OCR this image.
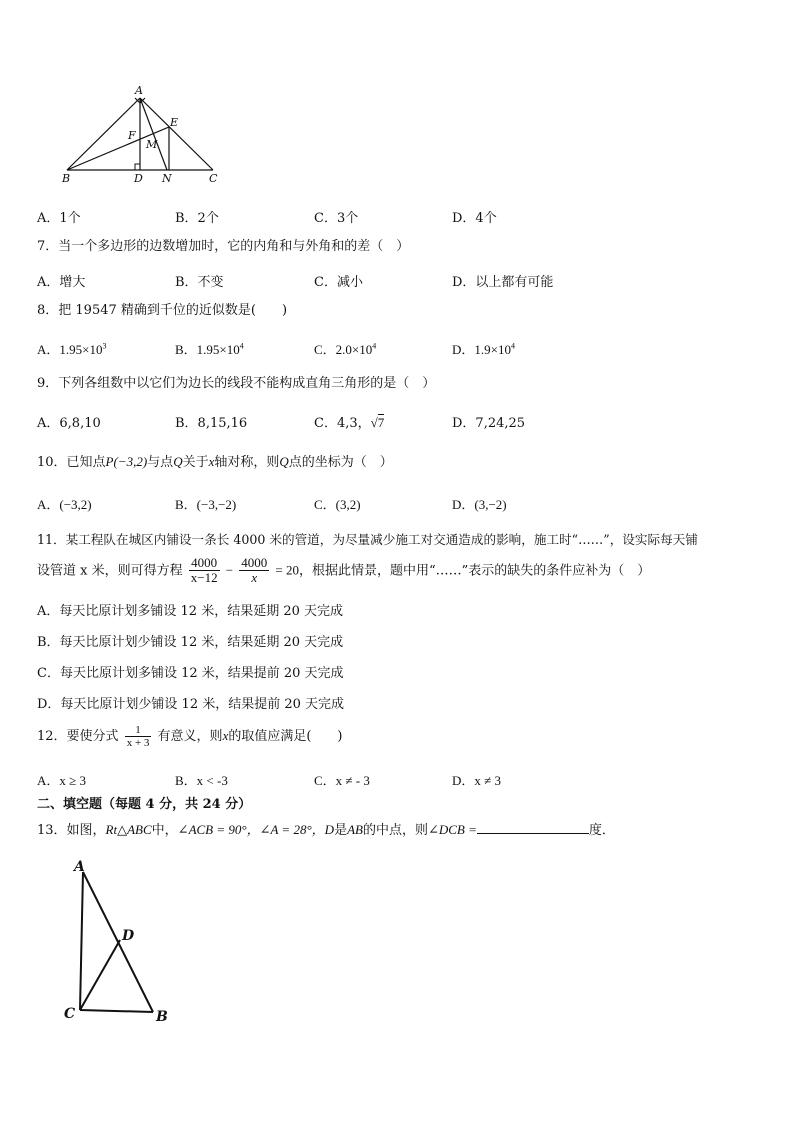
A
E
F
M
B	D N	C
A．1个	B．2个	C．3个	D．4个
7．当一个多边形的边数增加时，它的内角和与外角和的差（　）
A．增大	B．不变	C．减小	D．以上都有可能
8．把 19547 精确到千位的近似数是(　　)
A．$1.95\times 10^3$	B．$1.95\times 10^4$	C．$2.0\times 10^4$	D．$1.9\times 10^4$
9．下列各组数中以它们为边长的线段不能构成直角三角形的是（　）
A．6,8,10	B．8,15,16	C．4,3，√7	D．7,24,25
10．已知点P(−3,2)与点Q关于x轴对称，则Q点的坐标为（　）
A．(−3,2)	B．(−3,−2)	C．(3,2)	D．(3,−2)
11．某工程队在城区内铺设一条长 4000 米的管道，为尽量减少施工对交通造成的影响，施工时“……”，设实际每天铺
设管道 x 米，则可得方程 $\frac{4000}{x-12} - \frac{4000}{x} = 20$，根据此情景，题中用“……”表示的缺失的条件应补为（　）
A．每天比原计划多铺设 12 米，结果延期 20 天完成
B．每天比原计划少铺设 12 米，结果延期 20 天完成
C．每天比原计划多铺设 12 米，结果提前 20 天完成
D．每天比原计划少铺设 12 米，结果提前 20 天完成
12．要使分式 $\frac{1}{x + 3}$ 有意义，则x的取值应满足(　　)
A．x ≥ 3	B．x < -3	C．x ≠ - 3	D．x ≠ 3
二、填空题（每题 4 分，共 24 分）
13．如图，Rt△ABC中，∠ACB = 90°，∠A = 28°，D是AB的中点，则∠DCB =	度．
A
D
C	B
